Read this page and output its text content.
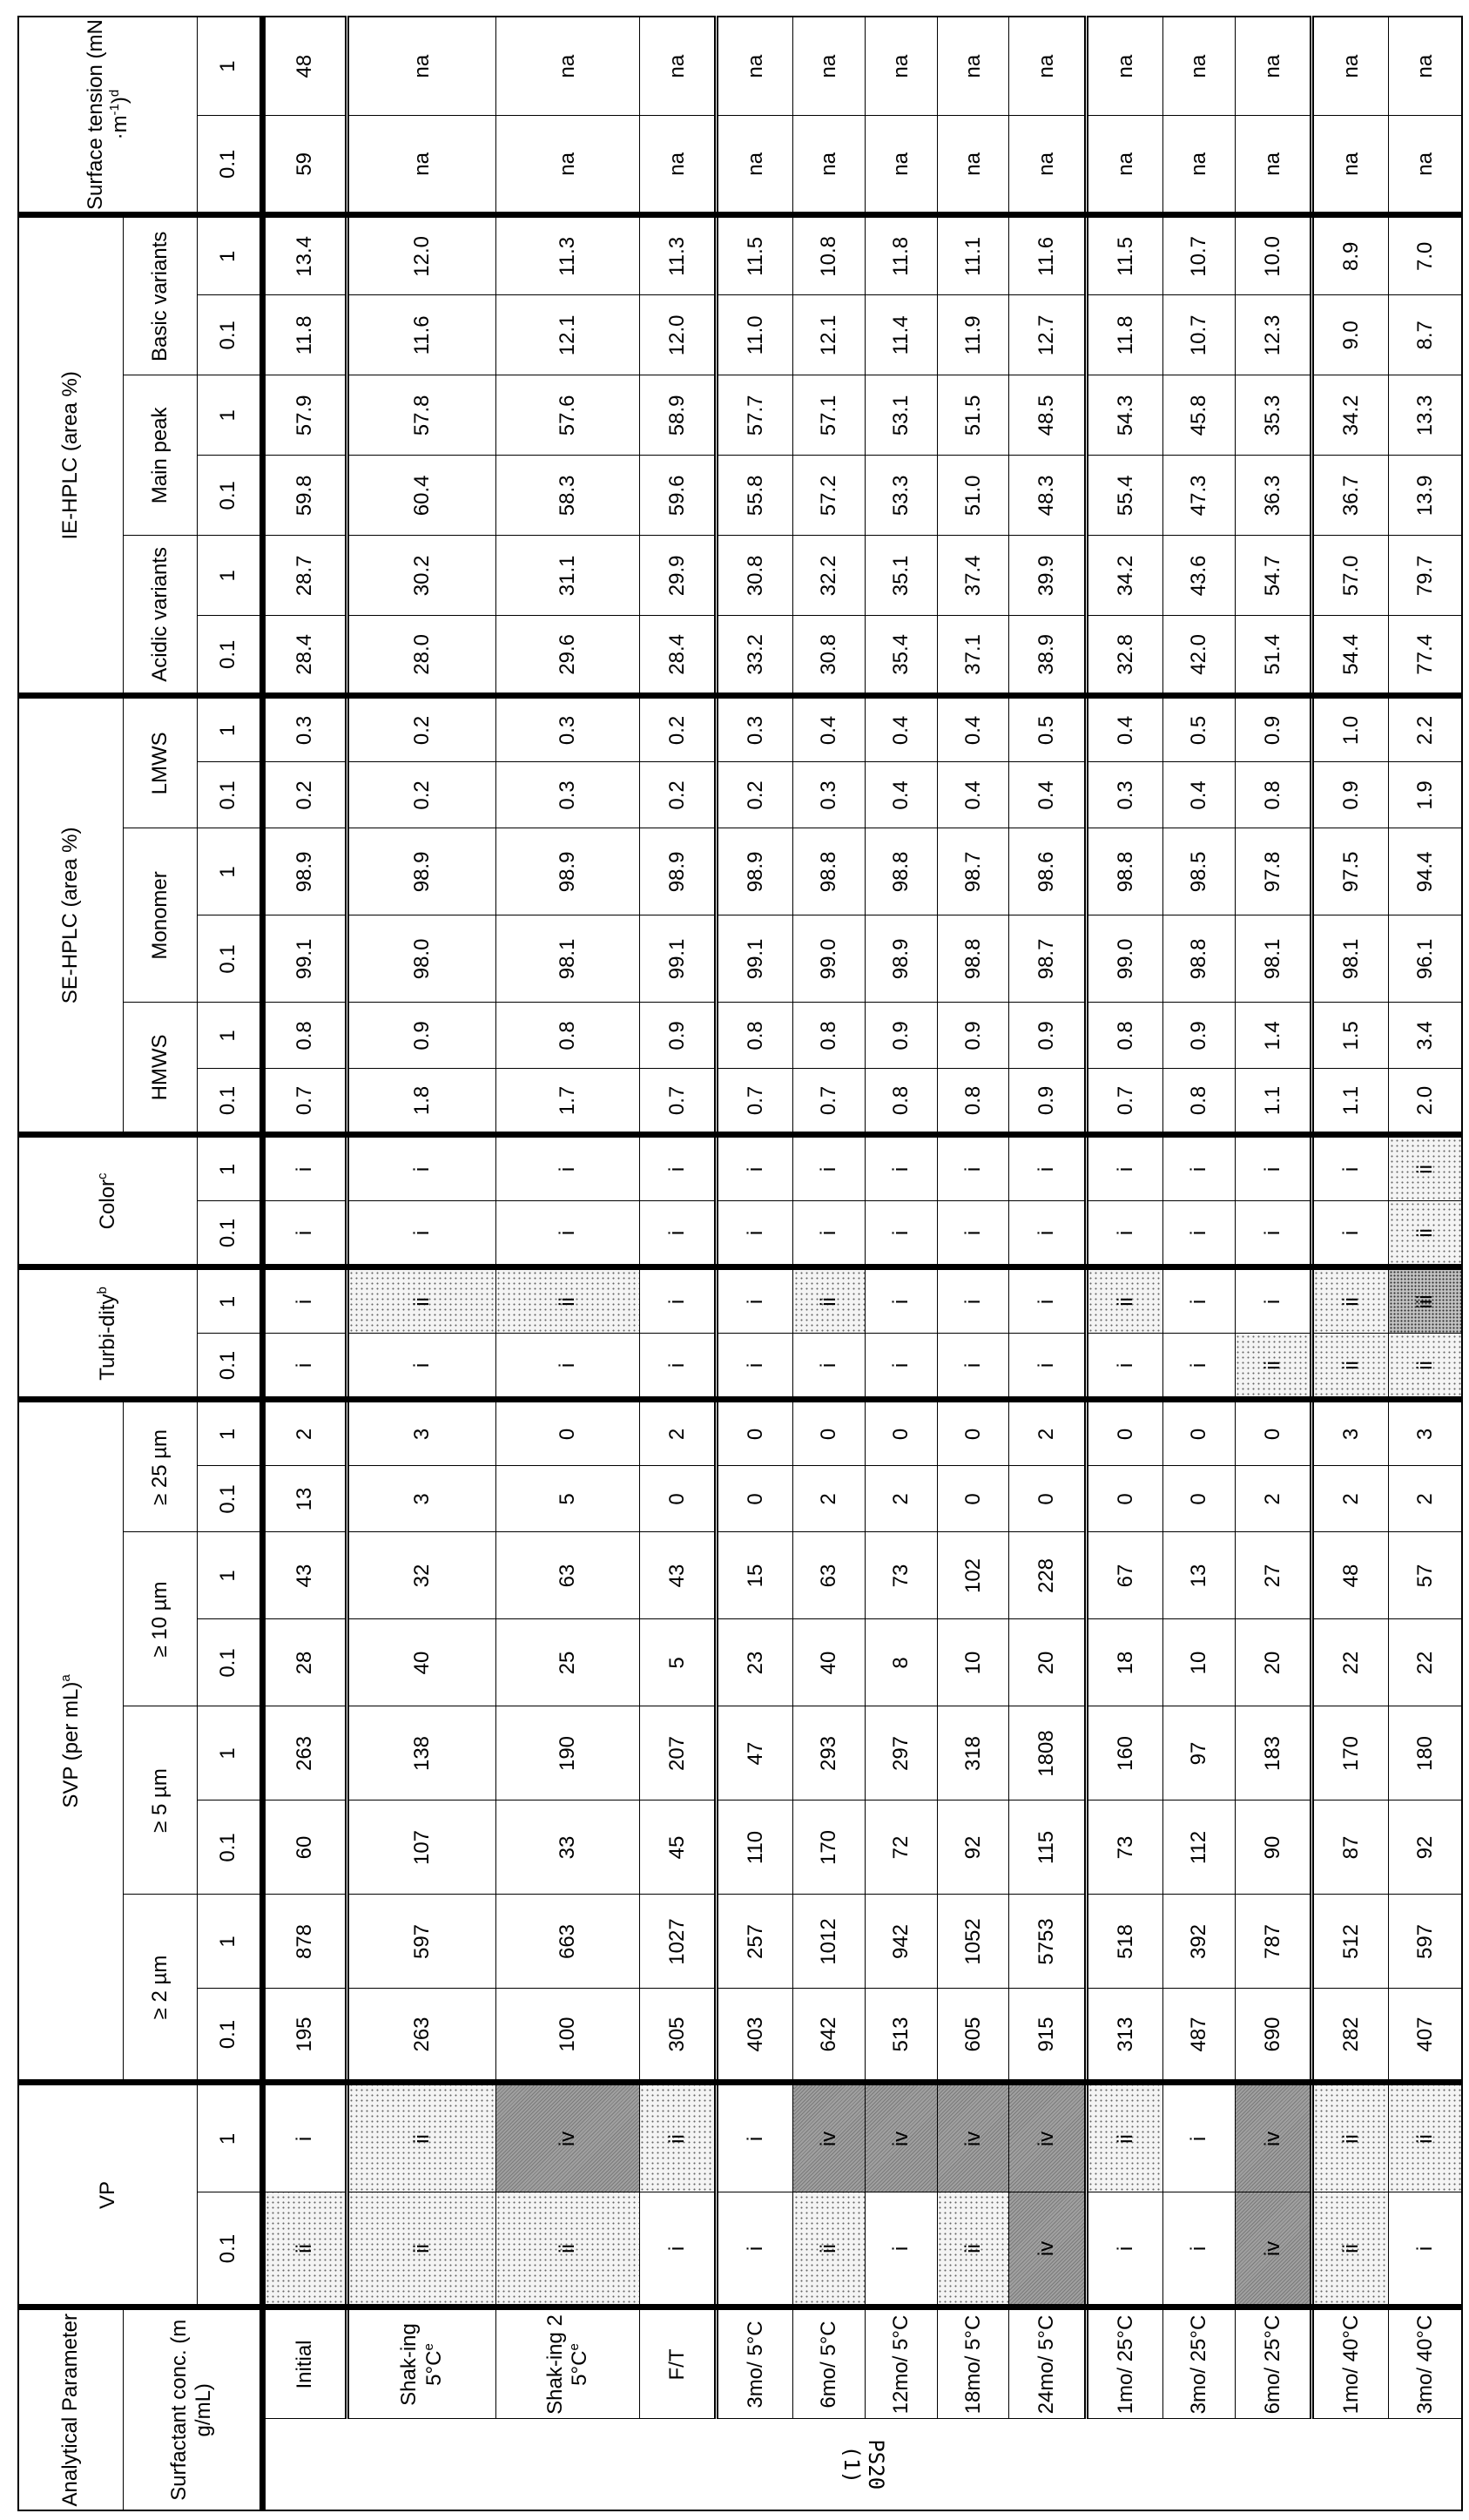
Analytical Parameter	VP	SVP (per mL)a	Turbi-dityb	Colorc	SE-HPLC (area %)	IE-HPLC (area %)	Surface tension (mN·m-1)d
Surfactant conc. (mg/mL)	≥ 2 µm	≥ 5 µm	≥ 10 µm	≥ 25 µm	HMWS	Monomer	LMWS	Acidic variants	Main peak	Basic variants
0.1	1	0.1	1	0.1	1	0.1	1	0.1	1	0.1	1	0.1	1	0.1	1	0.1	1	0.1	1	0.1	1	0.1	1	0.1	1	0.1	1
PS20 (1)	Initial	ii	i	195	878	60	263	28	43	13	2	i	i	i	i	0.7	0.8	99.1	98.9	0.2	0.3	28.4	28.7	59.8	57.9	11.8	13.4	59	48
Shak-ing 5°Ce	ii	ii	263	597	107	138	40	32	3	3	i	ii	i	i	1.8	0.9	98.0	98.9	0.2	0.2	28.0	30.2	60.4	57.8	11.6	12.0	na	na
Shak-ing 25°Ce	ii	iv	100	663	33	190	25	63	5	0	i	ii	i	i	1.7	0.8	98.1	98.9	0.3	0.3	29.6	31.1	58.3	57.6	12.1	11.3	na	na
F/T	i	ii	305	1027	45	207	5	43	0	2	i	i	i	i	0.7	0.9	99.1	98.9	0.2	0.2	28.4	29.9	59.6	58.9	12.0	11.3	na	na
3mo/ 5°C	i	i	403	257	110	47	23	15	0	0	i	i	i	i	0.7	0.8	99.1	98.9	0.2	0.3	33.2	30.8	55.8	57.7	11.0	11.5	na	na
6mo/ 5°C	ii	iv	642	1012	170	293	40	63	2	0	i	ii	i	i	0.7	0.8	99.0	98.8	0.3	0.4	30.8	32.2	57.2	57.1	12.1	10.8	na	na
12mo/ 5°C	i	iv	513	942	72	297	8	73	2	0	i	i	i	i	0.8	0.9	98.9	98.8	0.4	0.4	35.4	35.1	53.3	53.1	11.4	11.8	na	na
18mo/ 5°C	ii	iv	605	1052	92	318	10	102	0	0	i	i	i	i	0.8	0.9	98.8	98.7	0.4	0.4	37.1	37.4	51.0	51.5	11.9	11.1	na	na
24mo/ 5°C	iv	iv	915	5753	115	1808	20	228	0	2	i	i	i	i	0.9	0.9	98.7	98.6	0.4	0.5	38.9	39.9	48.3	48.5	12.7	11.6	na	na
1mo/ 25°C	i	ii	313	518	73	160	18	67	0	0	i	ii	i	i	0.7	0.8	99.0	98.8	0.3	0.4	32.8	34.2	55.4	54.3	11.8	11.5	na	na
3mo/ 25°C	i	i	487	392	112	97	10	13	0	0	i	i	i	i	0.8	0.9	98.8	98.5	0.4	0.5	42.0	43.6	47.3	45.8	10.7	10.7	na	na
6mo/ 25°C	iv	iv	690	787	90	183	20	27	2	0	ii	i	i	i	1.1	1.4	98.1	97.8	0.8	0.9	51.4	54.7	36.3	35.3	12.3	10.0	na	na
1mo/ 40°C	ii	ii	282	512	87	170	22	48	2	3	ii	ii	i	i	1.1	1.5	98.1	97.5	0.9	1.0	54.4	57.0	36.7	34.2	9.0	8.9	na	na
3mo/ 40°C	i	ii	407	597	92	180	22	57	2	3	ii	iii	ii	ii	2.0	3.4	96.1	94.4	1.9	2.2	77.4	79.7	13.9	13.3	8.7	7.0	na	na
